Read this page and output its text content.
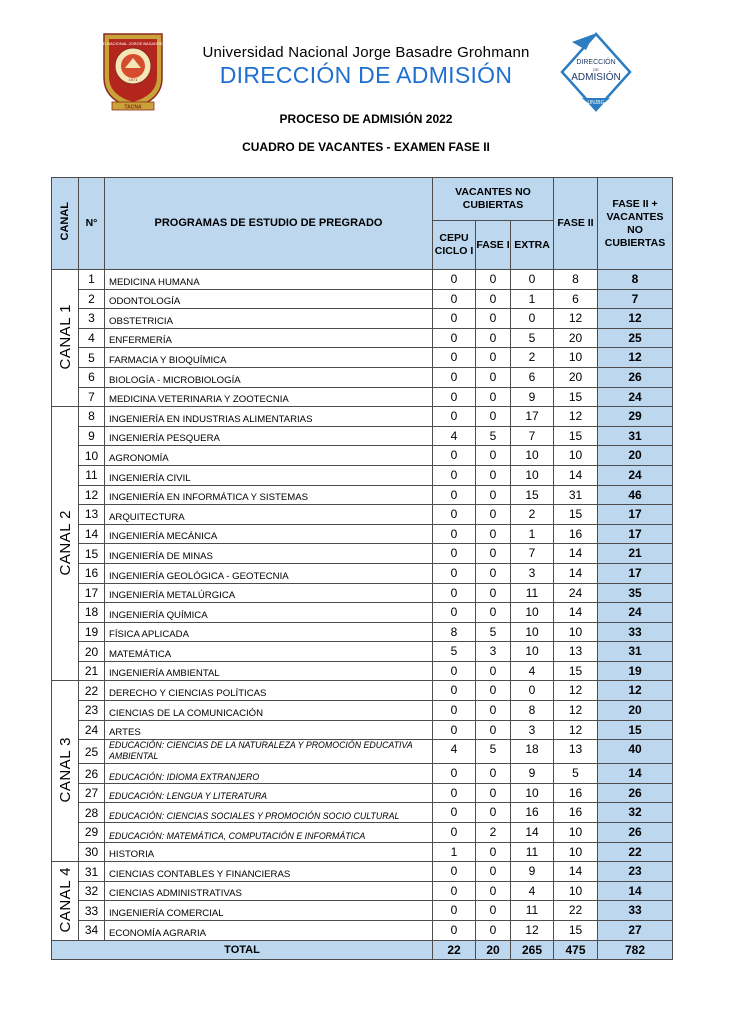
UNIVERSIDAD NACIONAL JORGE BASADRE GROHMANN
1971
TACNA
Universidad Nacional Jorge Basadre Grohmann
DIRECCIÓN DE ADMISIÓN	DIRECCIÓN
DE
ADMISIÓN
UNJBG
PROCESO DE ADMISIÓN 2022
CUADRO DE VACANTES - EXAMEN FASE II
CANAL	N°	PROGRAMAS DE ESTUDIO DE PREGRADO	VACANTES NO CUBIERTAS			FASE II	FASE II + VACANTES NO CUBIERTAS
			CEPU CICLO I	FASE I	EXTRA		
CANAL 1	1	MEDICINA HUMANA	0	0	0	8	8
	2	ODONTOLOGÍA	0	0	1	6	7
	3	OBSTETRICIA	0	0	0	12	12
	4	ENFERMERÍA	0	0	5	20	25
	5	FARMACIA Y BIOQUÍMICA	0	0	2	10	12
	6	BIOLOGÍA - MICROBIOLOGÍA	0	0	6	20	26
	7	MEDICINA VETERINARIA Y ZOOTECNIA	0	0	9	15	24
CANAL 2	8	INGENIERÍA EN INDUSTRIAS ALIMENTARIAS	0	0	17	12	29
	9	INGENIERÍA PESQUERA	4	5	7	15	31
	10	AGRONOMÍA	0	0	10	10	20
	11	INGENIERÍA CIVIL	0	0	10	14	24
	12	INGENIERÍA EN INFORMÁTICA Y SISTEMAS	0	0	15	31	46
	13	ARQUITECTURA	0	0	2	15	17
	14	INGENIERÍA MECÁNICA	0	0	1	16	17
	15	INGENIERÍA DE MINAS	0	0	7	14	21
	16	INGENIERÍA GEOLÓGICA - GEOTECNIA	0	0	3	14	17
	17	INGENIERÍA METALÚRGICA	0	0	11	24	35
	18	INGENIERÍA QUÍMICA	0	0	10	14	24
	19	FÍSICA APLICADA	8	5	10	10	33
	20	MATEMÁTICA	5	3	10	13	31
	21	INGENIERÍA AMBIENTAL	0	0	4	15	19
CANAL 3	22	DERECHO Y CIENCIAS POLÍTICAS	0	0	0	12	12
	23	CIENCIAS DE LA COMUNICACIÓN	0	0	8	12	20
	24	ARTES	0	0	3	12	15
	25	EDUCACIÓN: CIENCIAS DE LA NATURALEZA Y PROMOCIÓN EDUCATIVA AMBIENTAL	4	5	18	13	40
	26	EDUCACIÓN: IDIOMA EXTRANJERO	0	0	9	5	14
	27	EDUCACIÓN: LENGUA Y LITERATURA	0	0	10	16	26
	28	EDUCACIÓN: CIENCIAS SOCIALES Y PROMOCIÓN SOCIO CULTURAL	0	0	16	16	32
	29	EDUCACIÓN: MATEMÁTICA, COMPUTACIÓN E INFORMÁTICA	0	2	14	10	26
	30	HISTORIA	1	0	11	10	22
CANAL 4	31	CIENCIAS CONTABLES Y FINANCIERAS	0	0	9	14	23
	32	CIENCIAS ADMINISTRATIVAS	0	0	4	10	14
	33	INGENIERÍA COMERCIAL	0	0	11	22	33
	34	ECONOMÍA AGRARIA	0	0	12	15	27
TOTAL			22	20	265	475	782
